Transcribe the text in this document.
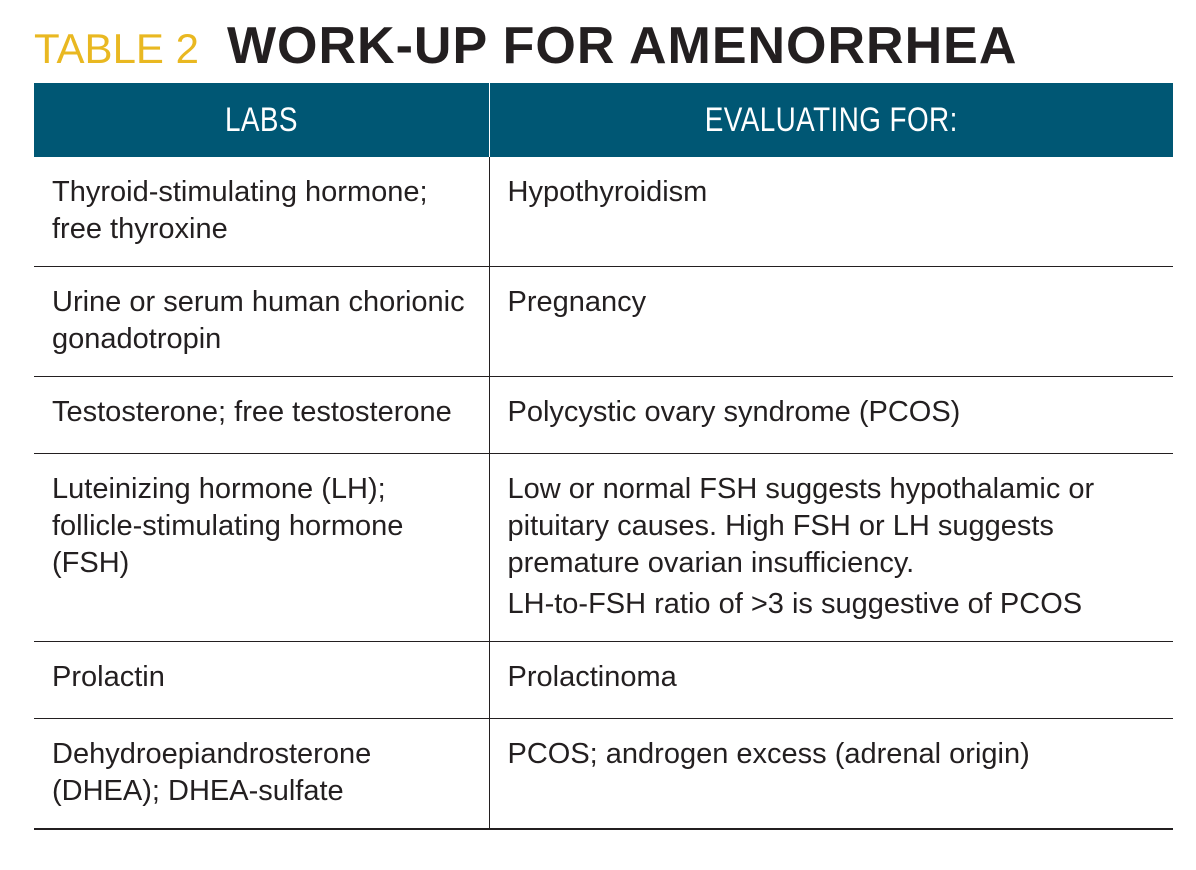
TABLE 2 WORK-UP FOR AMENORRHEA
LABS	EVALUATING FOR:
Thyroid-stimulating hormone; free thyroxine	Hypothyroidism

Urine or serum human chorionic gonadotropin	Pregnancy

Testosterone; free testosterone	Polycystic ovary syndrome (PCOS)

Luteinizing hormone (LH); follicle-stimulating hormone (FSH)	Low or normal FSH suggests hypothalamic or pituitary causes. High FSH or LH suggests premature ovarian insufficiency.
LH-to-FSH ratio of >3 is suggestive of PCOS

Prolactin	Prolactinoma

Dehydroepiandrosterone (DHEA); DHEA-sulfate	PCOS; androgen excess (adrenal origin)
